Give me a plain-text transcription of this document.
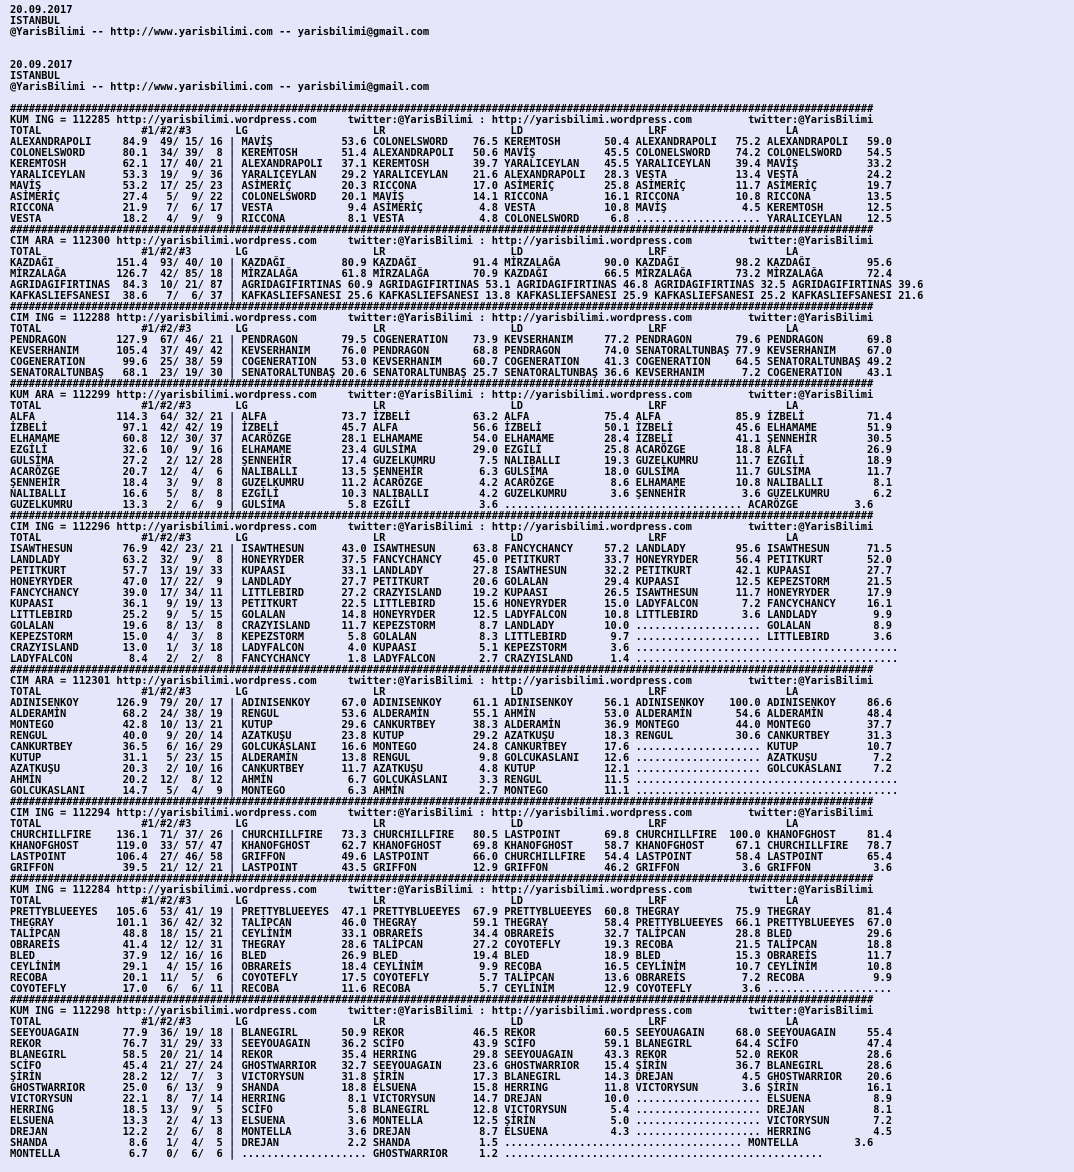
20.09.2017
ISTANBUL
@YarisBilimi -- http://www.yarisbilimi.com -- yarisbilimi@gmail.com
20.09.2017
ISTANBUL
@YarisBilimi -- http://www.yarisbilimi.com -- yarisbilimi@gmail.com
##########################################################################################################################################
KUM ING = 112285 http://yarisbilimi.wordpress.com     twitter:@YarisBilimi : http://yarisbilimi.wordpress.com         twitter:@YarisBilimi
TOTAL                #1/#2/#3       LG                    LR                    LD                    LRF                   LA
ALEXANDRAPOLI     84.9  49/ 15/ 16 | MAVİŞ           53.6 COLONELSWORD    76.5 KEREMTOSH       50.4 ALEXANDRAPOLI   75.2 ALEXANDRAPOLI   59.0
COLONELSWORD      80.1  34/ 39/  8 | KEREMTOSH       51.4 ALEXANDRAPOLI   50.6 MAVİŞ           45.5 COLONELSWORD    74.2 COLONELSWORD    54.5
KEREMTOSH         62.1  17/ 40/ 21 | ALEXANDRAPOLI   37.1 KEREMTOSH       39.7 YARALICEYLAN    45.5 YARALICEYLAN    39.4 MAVİŞ           33.2
YARALICEYLAN      53.3  19/  9/ 36 | YARALICEYLAN    29.2 YARALICEYLAN    21.6 ALEXANDRAPOLI   28.3 VESTA           13.4 VESTA           24.2
MAVİŞ             53.2  17/ 25/ 23 | ASİMERİÇ        20.3 RICCONA         17.0 ASİMERİÇ        25.8 ASİMERİÇ        11.7 ASİMERİÇ        19.7
ASİMERİÇ          27.4   5/  9/ 22 | COLONELSWORD    20.1 MAVİŞ           14.1 RICCONA         16.1 RICCONA         10.8 RICCONA         13.5
RICCONA           21.9   7/  6/ 17 | VESTA            9.4 ASİMERİÇ         4.8 VESTA           10.8 MAVİŞ            4.5 KEREMTOSH       12.5
VESTA             18.2   4/  9/  9 | RICCONA          8.1 VESTA            4.8 COLONELSWORD     6.8 .................... YARALICEYLAN    12.5
##########################################################################################################################################
CIM ARA = 112300 http://yarisbilimi.wordpress.com     twitter:@YarisBilimi : http://yarisbilimi.wordpress.com         twitter:@YarisBilimi
TOTAL                #1/#2/#3       LG                    LR                    LD                    LRF                   LA
KAZDAĞI          151.4  93/ 40/ 10 | KAZDAĞI         80.9 KAZDAĞI         91.4 MİRZALAĞA       90.0 KAZDAĞI         98.2 KAZDAĞI         95.6
MİRZALAĞA        126.7  42/ 85/ 18 | MİRZALAĞA       61.8 MİRZALAĞA       70.9 KAZDAĞI         66.5 MİRZALAĞA       73.2 MİRZALAĞA       72.4
AGRIDAGIFIRTINAS  84.3  10/ 21/ 87 | AGRIDAGIFIRTINAS 60.9 AGRIDAGIFIRTINAS 53.1 AGRIDAGIFIRTINAS 46.8 AGRIDAGIFIRTINAS 32.5 AGRIDAGIFIRTINAS 39.6
KAFKASLIEFSANESI  38.6   7/  6/ 37 | KAFKASLIEFSANESI 25.6 KAFKASLIEFSANESI 13.8 KAFKASLIEFSANESI 25.9 KAFKASLIEFSANESI 25.2 KAFKASLIEFSANESI 21.6
##########################################################################################################################################
CIM ING = 112288 http://yarisbilimi.wordpress.com     twitter:@YarisBilimi : http://yarisbilimi.wordpress.com         twitter:@YarisBilimi
TOTAL                #1/#2/#3       LG                    LR                    LD                    LRF                   LA
PENDRAGON        127.9  67/ 46/ 21 | PENDRAGON       79.5 COGENERATION    73.9 KEVSERHANIM     77.2 PENDRAGON       79.6 PENDRAGON       69.8
KEVSERHANIM      105.4  37/ 49/ 42 | KEVSERHANIM     76.0 PENDRAGON       68.8 PENDRAGON       74.0 SENATORALTUNBAŞ 77.9 KEVSERHANIM     67.0
COGENERATION      99.6  25/ 38/ 59 | COGENERATION    53.0 KEVSERHANIM     60.7 COGENERATION    41.3 COGENERATION    64.5 SENATORALTUNBAŞ 49.2
SENATORALTUNBAŞ   68.1  23/ 19/ 30 | SENATORALTUNBAŞ 20.6 SENATORALTUNBAŞ 25.7 SENATORALTUNBAŞ 36.6 KEVSERHANIM      7.2 COGENERATION    43.1
##########################################################################################################################################
KUM ARA = 112299 http://yarisbilimi.wordpress.com     twitter:@YarisBilimi : http://yarisbilimi.wordpress.com         twitter:@YarisBilimi
TOTAL                #1/#2/#3       LG                    LR                    LD                    LRF                   LA
ALFA             114.3  64/ 32/ 21 | ALFA            73.7 İZBELİ          63.2 ALFA            75.4 ALFA            85.9 İZBELİ          71.4
İZBELİ            97.1  42/ 42/ 19 | İZBELİ          45.7 ALFA            56.6 İZBELİ          50.1 İZBELİ          45.6 ELHAMAME        51.9
ELHAMAME          60.8  12/ 30/ 37 | ACARÖZGE        28.1 ELHAMAME        54.0 ELHAMAME        28.4 İZBELİ          41.1 ŞENNEHİR        30.5
EZGİLİ            32.6  10/  9/ 16 | ELHAMAME        23.4 GULSİMA         29.0 EZGİLİ          25.8 ACARÖZGE        18.8 ALFA            26.9
GULSİMA           27.2   2/ 12/ 28 | ŞENNEHİR        17.4 GUZELKUMRU       7.5 NALIBALLI       19.3 GUZELKUMRU      11.7 EZGİLİ          18.9
ACARÖZGE          20.7  12/  4/  6 | NALIBALLI       13.5 ŞENNEHİR         6.3 GULSİMA         18.0 GULSİMA         11.7 GULSİMA         11.7
ŞENNEHİR          18.4   3/  9/  8 | GUZELKUMRU      11.2 ACARÖZGE         4.2 ACARÖZGE         8.6 ELHAMAME        10.8 NALIBALLI        8.1
NALIBALLI         16.6   5/  8/  8 | EZGİLİ          10.3 NALIBALLI        4.2 GUZELKUMRU       3.6 ŞENNEHİR         3.6 GUZELKUMRU       6.2
GUZELKUMRU        13.3   2/  6/  9 | GULSİMA          5.8 EZGİLİ           3.6 ...................................... ACARÖZGE         3.6
##########################################################################################################################################
CIM ING = 112296 http://yarisbilimi.wordpress.com     twitter:@YarisBilimi : http://yarisbilimi.wordpress.com         twitter:@YarisBilimi
TOTAL                #1/#2/#3       LG                    LR                    LD                    LRF                   LA
ISAWTHESUN        76.9  42/ 23/ 21 | ISAWTHESUN      43.0 ISAWTHESUN      63.8 FANCYCHANCY     57.2 LANDLADY        95.6 ISAWTHESUN      71.5
LANDLADY          63.2  32/  9/  8 | HONEYRYDER      37.5 FANCYCHANCY     45.0 PETITKURT       33.7 HONEYRYDER      56.4 PETITKURT       52.0
PETITKURT         57.7  13/ 19/ 33 | KUPAASI         33.1 LANDLADY        27.8 ISAWTHESUN      32.2 PETITKURT       42.1 KUPAASI         27.7
HONEYRYDER        47.0  17/ 22/  9 | LANDLADY        27.7 PETITKURT       20.6 GOLALAN         29.4 KUPAASI         12.5 KEPEZSTORM      21.5
FANCYCHANCY       39.0  17/ 34/ 11 | LITTLEBIRD      27.2 CRAZYISLAND     19.2 KUPAASI         26.5 ISAWTHESUN      11.7 HONEYRYDER      17.9
KUPAASI           36.1   9/ 19/ 13 | PETITKURT       22.5 LITTLEBIRD      15.6 HONEYRYDER      15.0 LADYFALCON       7.2 FANCYCHANCY     16.1
LITTLEBIRD        25.2   9/  5/ 15 | GOLALAN         14.8 HONEYRYDER      12.5 LADYFALCON      10.8 LITTLEBIRD       3.6 LANDLADY         9.9
GOLALAN           19.6   8/ 13/  8 | CRAZYISLAND     11.7 KEPEZSTORM       8.7 LANDLADY        10.0 .................... GOLALAN          8.9
KEPEZSTORM        15.0   4/  3/  8 | KEPEZSTORM       5.8 GOLALAN          8.3 LITTLEBIRD       9.7 .................... LITTLEBIRD       3.6
CRAZYISLAND       13.0   1/  3/ 18 | LADYFALCON       4.0 KUPAASI          5.1 KEPEZSTORM       3.6 ..........................................
LADYFALCON         8.4   2/  2/  8 | FANCYCHANCY      1.8 LADYFALCON       2.7 CRAZYISLAND      1.4 ..........................................
##########################################################################################################################################
CIM ARA = 112301 http://yarisbilimi.wordpress.com     twitter:@YarisBilimi : http://yarisbilimi.wordpress.com         twitter:@YarisBilimi
TOTAL                #1/#2/#3       LG                    LR                    LD                    LRF                   LA
ADINISENKOY      126.9  79/ 20/ 17 | ADINISENKOY     67.0 ADINISENKOY     61.1 ADINISENKOY     56.1 ADINISENKOY    100.0 ADINISENKOY     86.6
ALDERAMİN         68.2  24/ 38/ 19 | RENGUL          53.6 ALDERAMİN       55.1 AHMİN           53.0 ALDERAMİN       54.6 ALDERAMİN       48.4
MONTEGO           42.8  10/ 13/ 21 | KUTUP           29.6 CANKURTBEY      38.3 ALDERAMİN       36.9 MONTEGO         44.0 MONTEGO         37.7
RENGUL            40.0   9/ 20/ 14 | AZATKUŞU        23.8 KUTUP           29.2 AZATKUŞU        18.3 RENGUL          30.6 CANKURTBEY      31.3
CANKURTBEY        36.5   6/ 16/ 29 | GOLCUKASLANI    16.6 MONTEGO         24.8 CANKURTBEY      17.6 .................... KUTUP           10.7
KUTUP             31.1   5/ 23/ 15 | ALDERAMİN       13.8 RENGUL           9.8 GOLCUKASLANI    12.6 .................... AZATKUŞU         7.2
AZATKUŞU          20.3   2/ 10/ 16 | CANKURTBEY      11.7 AZATKUŞU         4.8 KUTUP           12.1 .................... GOLCUKASLANI     7.2
AHMİN             20.2  12/  8/ 12 | AHMİN            6.7 GOLCUKASLANI     3.3 RENGUL          11.5 ..........................................
GOLCUKASLANI      14.7   5/  4/  9 | MONTEGO          6.3 AHMİN            2.7 MONTEGO         11.1 ..........................................
##########################################################################################################################################
CIM ING = 112294 http://yarisbilimi.wordpress.com     twitter:@YarisBilimi : http://yarisbilimi.wordpress.com         twitter:@YarisBilimi
TOTAL                #1/#2/#3       LG                    LR                    LD                    LRF                   LA
CHURCHILLFIRE    136.1  71/ 37/ 26 | CHURCHILLFIRE   73.3 CHURCHILLFIRE   80.5 LASTPOINT       69.8 CHURCHILLFIRE  100.0 KHANOFGHOST     81.4
KHANOFGHOST      119.0  33/ 57/ 47 | KHANOFGHOST     62.7 KHANOFGHOST     69.8 KHANOFGHOST     58.7 KHANOFGHOST     67.1 CHURCHILLFIRE   78.7
LASTPOINT        106.4  27/ 46/ 58 | GRIFFON         49.6 LASTPOINT       66.0 CHURCHILLFIRE   54.4 LASTPOINT       58.4 LASTPOINT       65.4
GRIFFON           39.5  21/ 12/ 21 | LASTPOINT       43.5 GRIFFON         12.9 GRIFFON         46.2 GRIFFON          3.6 GRIFFON          3.6
##########################################################################################################################################
KUM ING = 112284 http://yarisbilimi.wordpress.com     twitter:@YarisBilimi : http://yarisbilimi.wordpress.com         twitter:@YarisBilimi
TOTAL                #1/#2/#3       LG                    LR                    LD                    LRF                   LA
PRETTYBLUEEYES   105.6  53/ 41/ 19 | PRETTYBLUEEYES  47.1 PRETTYBLUEEYES  67.9 PRETTYBLUEEYES  60.8 THEGRAY         75.9 THEGRAY         81.4
THEGRAY          101.1  36/ 42/ 32 | TALİPCAN        46.0 THEGRAY         59.1 THEGRAY         58.4 PRETTYBLUEEYES  66.1 PRETTYBLUEEYES  67.0
TALİPCAN          48.8  18/ 15/ 21 | CEYLİNİM        33.1 OBRAREİS        34.4 OBRAREİS        32.7 TALİPCAN        28.8 BLED            29.6
OBRAREİS          41.4  12/ 12/ 31 | THEGRAY         28.6 TALİPCAN        27.2 COYOTEFLY       19.3 RECOBA          21.5 TALİPCAN        18.8
BLED              37.9  12/ 16/ 16 | BLED            26.9 BLED            19.4 BLED            18.9 BLED            15.3 OBRAREİS        11.7
CEYLİNİM          29.1   4/ 15/ 16 | OBRAREİS        18.4 CEYLİNİM         9.9 RECOBA          16.5 CEYLİNİM        10.7 CEYLİNİM        10.8
RECOBA            20.1  11/  5/  6 | COYOTEFLY       17.5 COYOTEFLY        5.7 TALİPCAN        13.6 OBRAREİS         7.2 RECOBA           9.9
COYOTEFLY         17.0   6/  6/ 11 | RECOBA          11.6 RECOBA           5.7 CEYLİNİM        12.9 COYOTEFLY        3.6 ....................
##########################################################################################################################################
KUM ING = 112298 http://yarisbilimi.wordpress.com     twitter:@YarisBilimi : http://yarisbilimi.wordpress.com         twitter:@YarisBilimi
TOTAL                #1/#2/#3       LG                    LR                    LD                    LRF                   LA
SEEYOUAGAIN       77.9  36/ 19/ 18 | BLANEGIRL       50.9 REKOR           46.5 REKOR           60.5 SEEYOUAGAIN     68.0 SEEYOUAGAIN     55.4
REKOR             76.7  31/ 29/ 33 | SEEYOUAGAIN     36.2 SCİFO           43.9 SCİFO           59.1 BLANEGIRL       64.4 SCİFO           47.4
BLANEGIRL         58.5  20/ 21/ 14 | REKOR           35.4 HERRING         29.8 SEEYOUAGAIN     43.3 REKOR           52.0 REKOR           28.6
SCİFO             45.4  21/ 27/ 24 | GHOSTWARRIOR    32.7 SEEYOUAGAIN     23.6 GHOSTWARRIOR    15.4 ŞİRİN           36.7 BLANEGIRL       28.6
ŞİRİN             28.2  12/  7/  3 | VICTORYSUN      31.8 ŞİRİN           17.3 BLANEGIRL       14.3 DREJAN           4.5 GHOSTWARRIOR    20.6
GHOSTWARRIOR      25.0   6/ 13/  9 | SHANDA          18.8 ELSUENA         15.8 HERRING         11.8 VICTORYSUN       3.6 ŞİRİN           16.1
VICTORYSUN        22.1   8/  7/ 14 | HERRING          8.1 VICTORYSUN      14.7 DREJAN          10.0 .................... ELSUENA          8.9
HERRING           18.5  13/  9/  5 | SCİFO            5.8 BLANEGIRL       12.8 VICTORYSUN       5.4 .................... DREJAN           8.1
ELSUENA           13.3   2/  4/ 13 | ELSUENA          3.6 MONTELLA        12.5 ŞİRİN            5.0 .................... VICTORYSUN       7.2
DREJAN            12.2   2/  6/  8 | MONTELLA         3.6 DREJAN           8.7 ELSUENA          4.3 .................... HERRING          4.5
SHANDA             8.6   1/  4/  5 | DREJAN           2.2 SHANDA           1.5 ...................................... MONTELLA         3.6
MONTELLA           6.7   0/  6/  6 | .................... GHOSTWARRIOR     1.2 ...................................................
